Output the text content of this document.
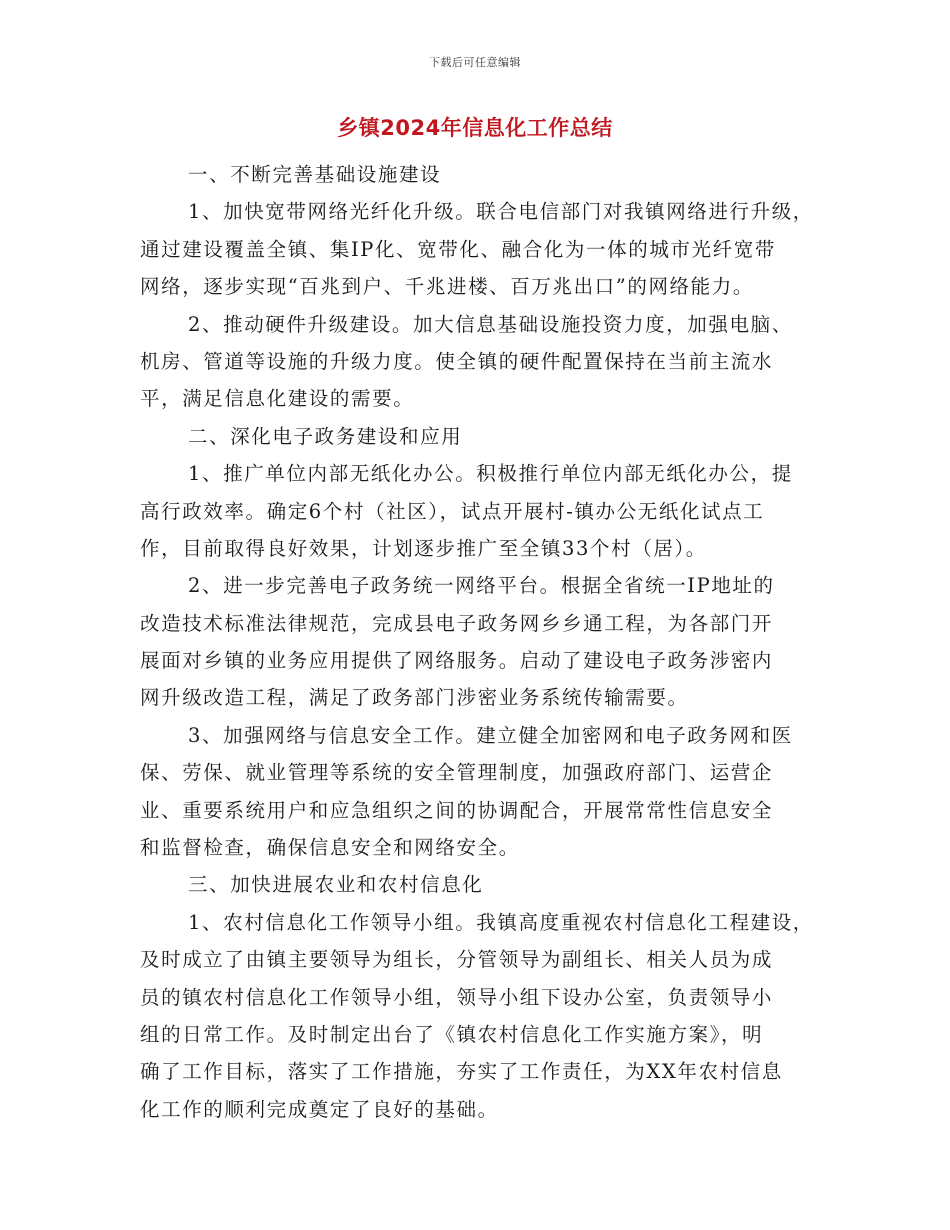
下载后可任意编辑
乡镇2024年信息化工作总结
一、不断完善基础设施建设
1、加快宽带网络光纤化升级。联合电信部门对我镇网络进行升级，
通过建设覆盖全镇、集IP化、宽带化、融合化为一体的城市光纤宽带
网络，逐步实现“百兆到户、千兆进楼、百万兆出口”的网络能力。
2、推动硬件升级建设。加大信息基础设施投资力度，加强电脑、
机房、管道等设施的升级力度。使全镇的硬件配置保持在当前主流水
平，满足信息化建设的需要。
二、深化电子政务建设和应用
1、推广单位内部无纸化办公。积极推行单位内部无纸化办公，提
高行政效率。确定6个村（社区），试点开展村-镇办公无纸化试点工
作，目前取得良好效果，计划逐步推广至全镇33个村（居）。
2、进一步完善电子政务统一网络平台。根据全省统一IP地址的
改造技术标准法律规范，完成县电子政务网乡乡通工程，为各部门开
展面对乡镇的业务应用提供了网络服务。启动了建设电子政务涉密内
网升级改造工程，满足了政务部门涉密业务系统传输需要。
3、加强网络与信息安全工作。建立健全加密网和电子政务网和医
保、劳保、就业管理等系统的安全管理制度，加强政府部门、运营企
业、重要系统用户和应急组织之间的协调配合，开展常常性信息安全
和监督检查，确保信息安全和网络安全。
三、加快进展农业和农村信息化
1、农村信息化工作领导小组。我镇高度重视农村信息化工程建设，
及时成立了由镇主要领导为组长，分管领导为副组长、相关人员为成
员的镇农村信息化工作领导小组，领导小组下设办公室，负责领导小
组的日常工作。及时制定出台了《镇农村信息化工作实施方案》，明
确了工作目标，落实了工作措施，夯实了工作责任，为XX年农村信息
化工作的顺利完成奠定了良好的基础。
